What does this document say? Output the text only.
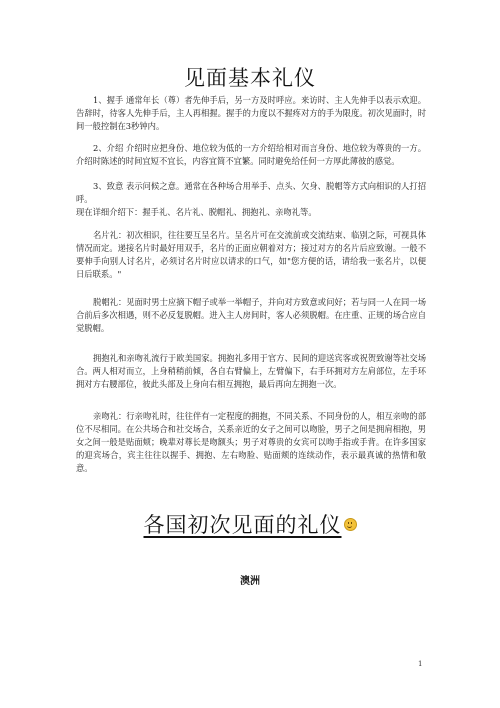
见面基本礼仪

1、握手 通常年长（尊）者先伸手后，另一方及时呼应。来访时、主人先伸手以表示欢迎。告辞时，待客人先伸手后，主人再相握。握手的力度以不握疼对方的手为限度。初次见面时，时间一般控制在3秒钟内。

2、介绍 介绍时应把身份、地位较为低的一方介绍给相对而言身份、地位较为尊贵的一方。介绍时陈述的时间宜短不宜长，内容宜简不宜繁。同时避免给任何一方厚此薄彼的感觉。

3、致意 表示问候之意。通常在各种场合用举手、点头、欠身、脱帽等方式向相识的人打招呼。

现在详细介绍下：握手礼、名片礼、脱帽礼、拥抱礼、亲吻礼等。

名片礼：初次相识，往往要互呈名片。呈名片可在交流前或交流结束、临别之际，可视具体情况而定。递接名片时最好用双手，名片的正面应朝着对方；接过对方的名片后应致谢。一般不要伸手向别人讨名片，必须讨名片时应以请求的口气，如"您方便的话，请给我一张名片，以便日后联系。"

脱帽礼：见面时男士应摘下帽子或举一举帽子，并向对方致意或问好；若与同一人在同一场合前后多次相遇，则不必反复脱帽。进入主人房间时，客人必须脱帽。在庄重、正规的场合应自觉脱帽。

拥抱礼和亲吻礼流行于欧美国家。拥抱礼多用于官方、民间的迎送宾客或祝贺致谢等社交场合。两人相对而立，上身稍稍前倾，各自右臂偏上，左臂偏下，右手环拥对方左肩部位，左手环拥对方右腰部位，彼此头部及上身向右相互拥抱，最后再向左拥抱一次。

亲吻礼：行亲吻礼时，往往伴有一定程度的拥抱，不同关系、不同身份的人，相互亲吻的部位不尽相同。在公共场合和社交场合，关系亲近的女子之间可以吻脸，男子之间是拥肩相抱，男女之间一般是贴面颊；晚辈对尊长是吻额头；男子对尊贵的女宾可以吻手指或手背。在许多国家的迎宾场合，宾主往往以握手、拥抱、左右吻脸、贴面颊的连续动作，表示最真诚的热情和敬意。

各国初次见面的礼仪
澳洲
1
